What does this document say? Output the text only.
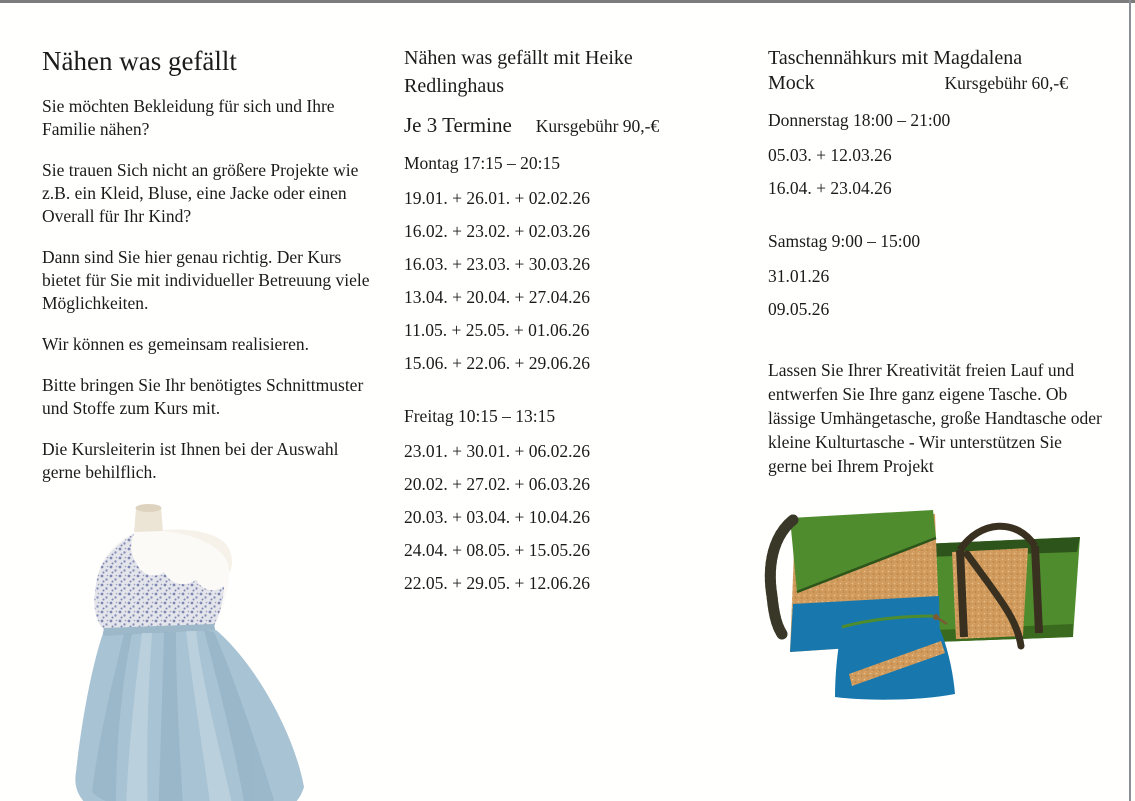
Nähen was gefällt

Sie möchten Bekleidung für sich und Ihre Familie nähen?

Sie trauen Sich nicht an größere Projekte wie z.B. ein Kleid, Bluse, eine Jacke oder einen Overall für Ihr Kind?

Dann sind Sie hier genau richtig. Der Kurs bietet für Sie mit individueller Betreuung viele Möglichkeiten.

Wir können es gemeinsam realisieren.

Bitte bringen Sie Ihr benötigtes Schnittmuster und Stoffe zum Kurs mit.

Die Kursleiterin ist Ihnen bei der Auswahl gerne behilflich.

Nähen was gefällt mit Heike Redlinghaus
Je 3 Termine Kursgebühr 90,-€
Montag 17:15 – 20:15
19.01. + 26.01. + 02.02.26
16.02. + 23.02. + 02.03.26
16.03. + 23.03. + 30.03.26
13.04. + 20.04. + 27.04.26
11.05. + 25.05. + 01.06.26
15.06. + 22.06. + 29.06.26
Freitag 10:15 – 13:15
23.01. + 30.01. + 06.02.26
20.02. + 27.02. + 06.03.26
20.03. + 03.04. + 10.04.26
24.04. + 08.05. + 15.05.26
22.05. + 29.05. + 12.06.26
Taschennähkurs mit Magdalena
Mock	Kursgebühr 60,-€
Donnerstag 18:00 – 21:00
05.03. + 12.03.26
16.04. + 23.04.26
Samstag 9:00 – 15:00
31.01.26
09.05.26

Lassen Sie Ihrer Kreativität freien Lauf und entwerfen Sie Ihre ganz eigene Tasche. Ob lässige Umhängetasche, große Handtasche oder kleine Kulturtasche - Wir unterstützen Sie gerne bei Ihrem Projekt
